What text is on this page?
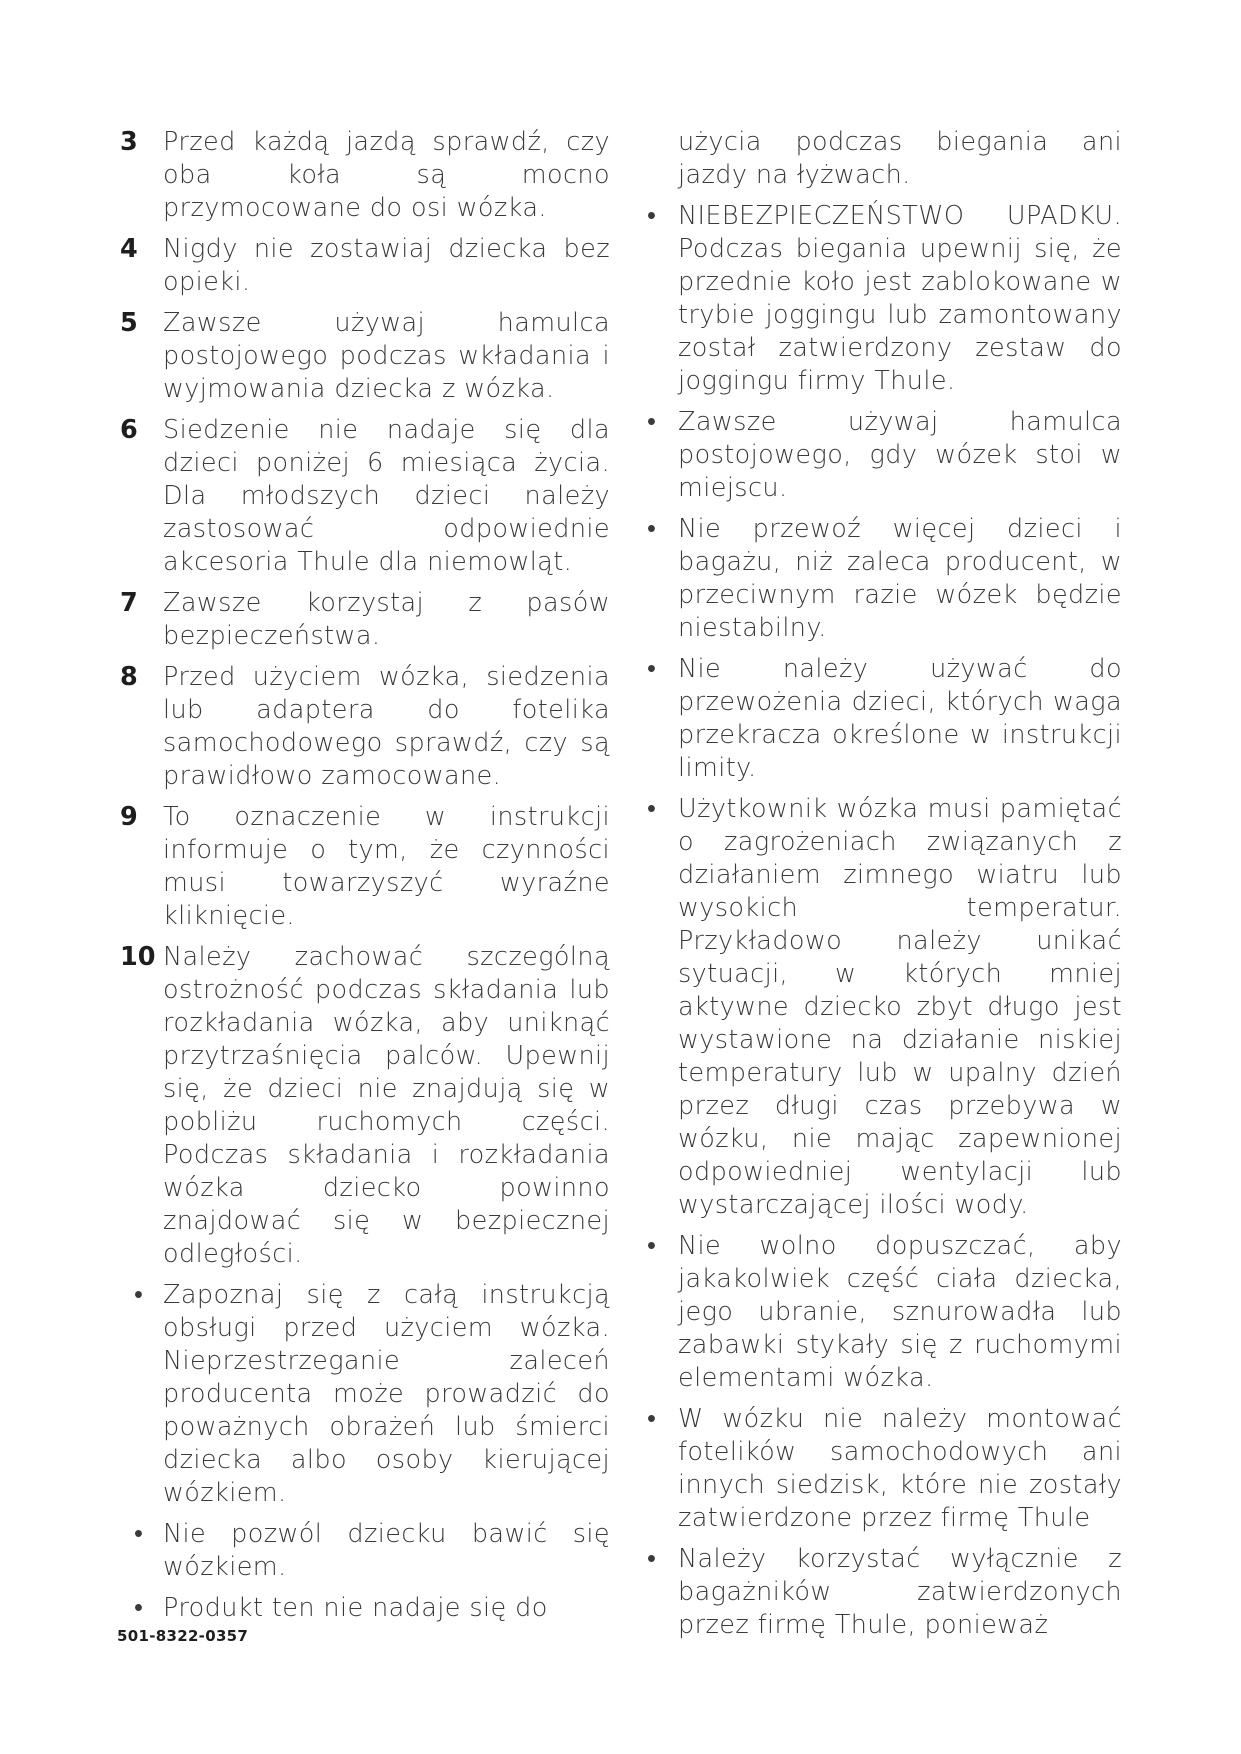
3 Przed każdą jazdą sprawdź, czy oba koła są mocno przymocowane do osi wózka.
4 Nigdy nie zostawiaj dziecka bez opieki.
5 Zawsze używaj hamulca postojowego podczas wkładania i wyjmowania dziecka z wózka.
6 Siedzenie nie nadaje się dla dzieci poniżej 6 miesiąca życia. Dla młodszych dzieci należy zastosować odpowiednie akcesoria Thule dla niemowląt.
7 Zawsze korzystaj z pasów bezpieczeństwa.
8 Przed użyciem wózka, siedzenia lub adaptera do fotelika samochodowego sprawdź, czy są prawidłowo zamocowane.
9 To oznaczenie w instrukcji informuje o tym, że czynności musi towarzyszyć wyraźne kliknięcie.
10 Należy zachować szczególną ostrożność podczas składania lub rozkładania wózka, aby uniknąć przytrzaśnięcia palców. Upewnij się, że dzieci nie znajdują się w pobliżu ruchomych części. Podczas składania i rozkładania wózka dziecko powinno znajdować się w bezpiecznej odległości.
• Zapoznaj się z całą instrukcją obsługi przed użyciem wózka. Nieprzestrzeganie zaleceń producenta może prowadzić do poważnych obrażeń lub śmierci dziecka albo osoby kierującej wózkiem.
• Nie pozwól dziecku bawić się wózkiem.
• Produkt ten nie nadaje się do
użycia podczas biegania ani jazdy na łyżwach.
• NIEBEZPIECZEŃSTWO UPADKU. Podczas biegania upewnij się, że przednie koło jest zablokowane w trybie joggingu lub zamontowany został zatwierdzony zestaw do joggingu firmy Thule.
• Zawsze używaj hamulca postojowego, gdy wózek stoi w miejscu.
• Nie przewoź więcej dzieci i bagażu, niż zaleca producent, w przeciwnym razie wózek będzie niestabilny.
• Nie należy używać do przewożenia dzieci, których waga przekracza określone w instrukcji limity.
• Użytkownik wózka musi pamiętać o zagrożeniach związanych z działaniem zimnego wiatru lub wysokich temperatur. Przykładowo należy unikać sytuacji, w których mniej aktywne dziecko zbyt długo jest wystawione na działanie niskiej temperatury lub w upalny dzień przez długi czas przebywa w wózku, nie mając zapewnionej odpowiedniej wentylacji lub wystarczającej ilości wody.
• Nie wolno dopuszczać, aby jakakolwiek część ciała dziecka, jego ubranie, sznurowadła lub zabawki stykały się z ruchomymi elementami wózka.
• W wózku nie należy montować fotelików samochodowych ani innych siedzisk, które nie zostały zatwierdzone przez firmę Thule
• Należy korzystać wyłącznie z bagażników zatwierdzonych przez firmę Thule, ponieważ
501-8322-0357
